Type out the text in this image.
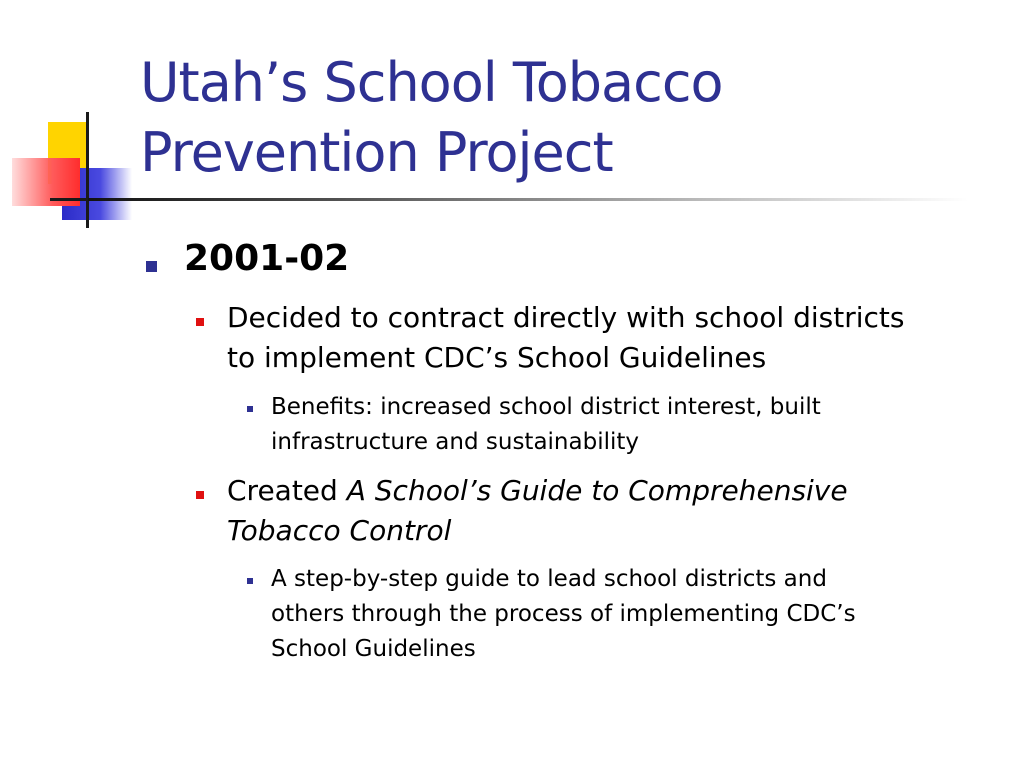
Utah’s School Tobacco
Prevention Project
2001-02
Decided to contract directly with school districts
to implement CDC’s School Guidelines
Benefits: increased school district interest, built
infrastructure and sustainability
Created A School’s Guide to Comprehensive
Tobacco Control
A step-by-step guide to lead school districts and
others through the process of implementing CDC’s
School Guidelines
